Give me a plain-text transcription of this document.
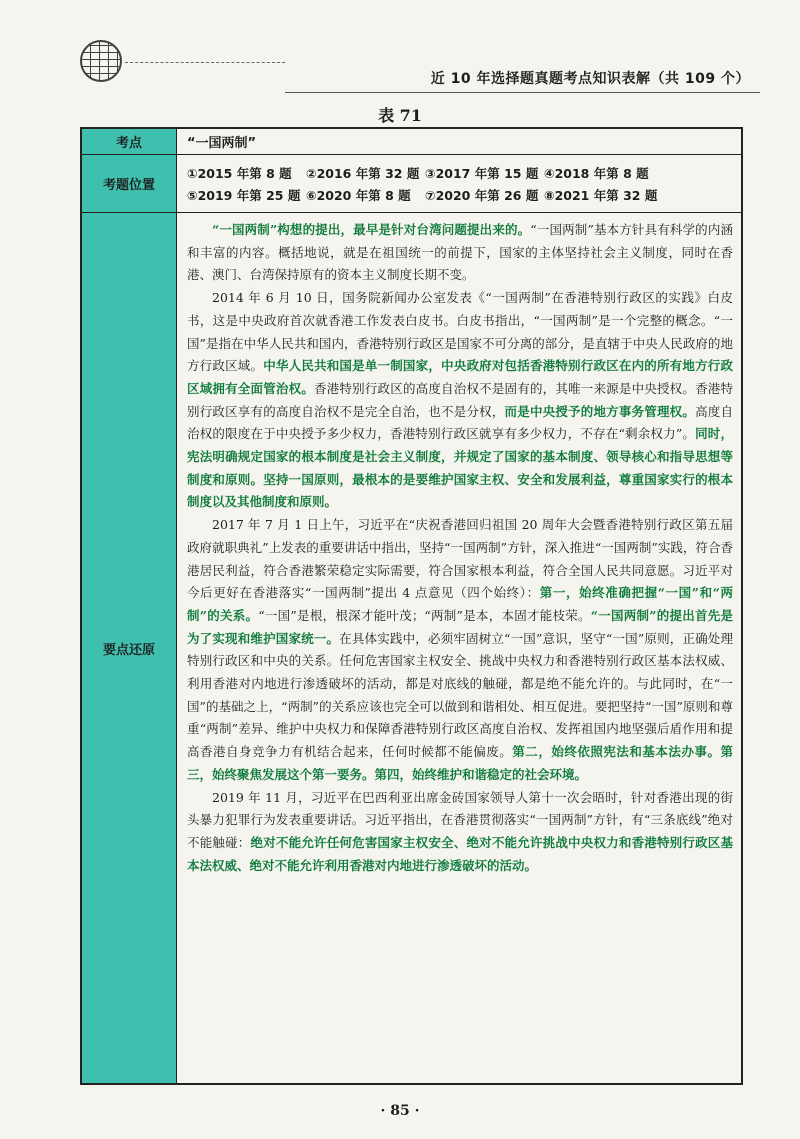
近 10 年选择题真题考点知识表解（共 109 个）
表 71
考点	“一国两制”
考题位置
①2015 年第 8 题 ②2016 年第 32 题 ③2017 年第 15 题 ④2018 年第 8 题
⑤2019 年第 25 题 ⑥2020 年第 8 题 ⑦2020 年第 26 题 ⑧2021 年第 32 题
要点还原

“一国两制”构想的提出，最早是针对台湾问题提出来的。“一国两制”基本方针具有科学的内涵和丰富的内容。概括地说，就是在祖国统一的前提下，国家的主体坚持社会主义制度，同时在香港、澳门、台湾保持原有的资本主义制度长期不变。

2014 年 6 月 10 日，国务院新闻办公室发表《“一国两制”在香港特别行政区的实践》白皮书，这是中央政府首次就香港工作发表白皮书。白皮书指出，“一国两制”是一个完整的概念。“一国”是指在中华人民共和国内，香港特别行政区是国家不可分离的部分，是直辖于中央人民政府的地方行政区域。中华人民共和国是单一制国家，中央政府对包括香港特别行政区在内的所有地方行政区域拥有全面管治权。香港特别行政区的高度自治权不是固有的，其唯一来源是中央授权。香港特别行政区享有的高度自治权不是完全自治，也不是分权，而是中央授予的地方事务管理权。高度自治权的限度在于中央授予多少权力，香港特别行政区就享有多少权力，不存在“剩余权力”。同时，宪法明确规定国家的根本制度是社会主义制度，并规定了国家的基本制度、领导核心和指导思想等制度和原则。坚持一国原则，最根本的是要维护国家主权、安全和发展利益，尊重国家实行的根本制度以及其他制度和原则。

2017 年 7 月 1 日上午，习近平在“庆祝香港回归祖国 20 周年大会暨香港特别行政区第五届政府就职典礼”上发表的重要讲话中指出，坚持“一国两制”方针，深入推进“一国两制”实践，符合香港居民利益，符合香港繁荣稳定实际需要，符合国家根本利益，符合全国人民共同意愿。习近平对今后更好在香港落实“一国两制”提出 4 点意见（四个始终）：第一，始终准确把握“一国”和“两制”的关系。“一国”是根，根深才能叶茂；“两制”是本，本固才能枝荣。“一国两制”的提出首先是为了实现和维护国家统一。在具体实践中，必须牢固树立“一国”意识，坚守“一国”原则，正确处理特别行政区和中央的关系。任何危害国家主权安全、挑战中央权力和香港特别行政区基本法权威、利用香港对内地进行渗透破坏的活动，都是对底线的触碰，都是绝不能允许的。与此同时，在“一国”的基础之上，“两制”的关系应该也完全可以做到和谐相处、相互促进。要把坚持“一国”原则和尊重“两制”差异、维护中央权力和保障香港特别行政区高度自治权、发挥祖国内地坚强后盾作用和提高香港自身竞争力有机结合起来，任何时候都不能偏废。第二，始终依照宪法和基本法办事。第三，始终聚焦发展这个第一要务。第四，始终维护和谐稳定的社会环境。

2019 年 11 月，习近平在巴西利亚出席金砖国家领导人第十一次会晤时，针对香港出现的街头暴力犯罪行为发表重要讲话。习近平指出，在香港贯彻落实“一国两制”方针，有“三条底线”绝对不能触碰：绝对不能允许任何危害国家主权安全、绝对不能允许挑战中央权力和香港特别行政区基本法权威、绝对不能允许利用香港对内地进行渗透破坏的活动。

· 85 ·
